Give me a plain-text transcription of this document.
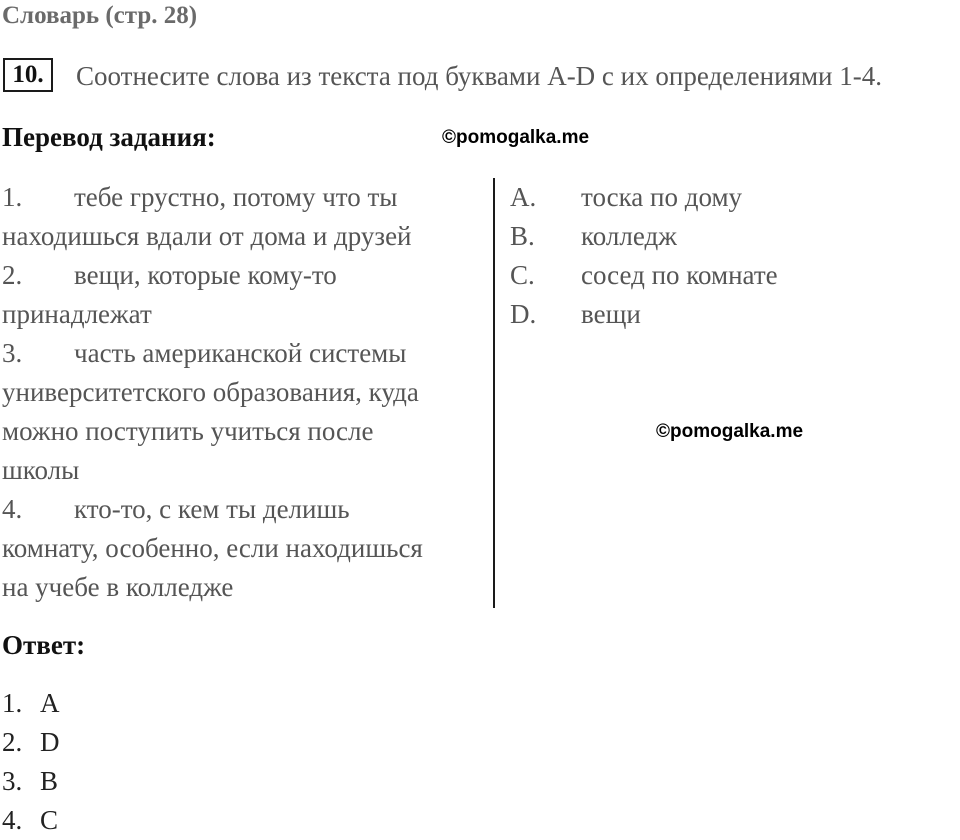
Словарь (стр. 28)
10.	Соотнесите слова из текста под буквами A-D с их определениями 1-4.
Перевод задания:	©pomogalka.me
1. тебе грустно, потому что ты
находишься вдали от дома и друзей
2. вещи, которые кому-то
принадлежат
3. часть американской системы
университетского образования, куда
можно поступить учиться после
школы
4. кто-то, с кем ты делишь
комнату, особенно, если находишься
на учебе в колледже
A. тоска по дому
B. колледж
C. сосед по комнате
D. вещи
©pomogalka.me
Ответ:
1. A
2. D
3. B
4. C
